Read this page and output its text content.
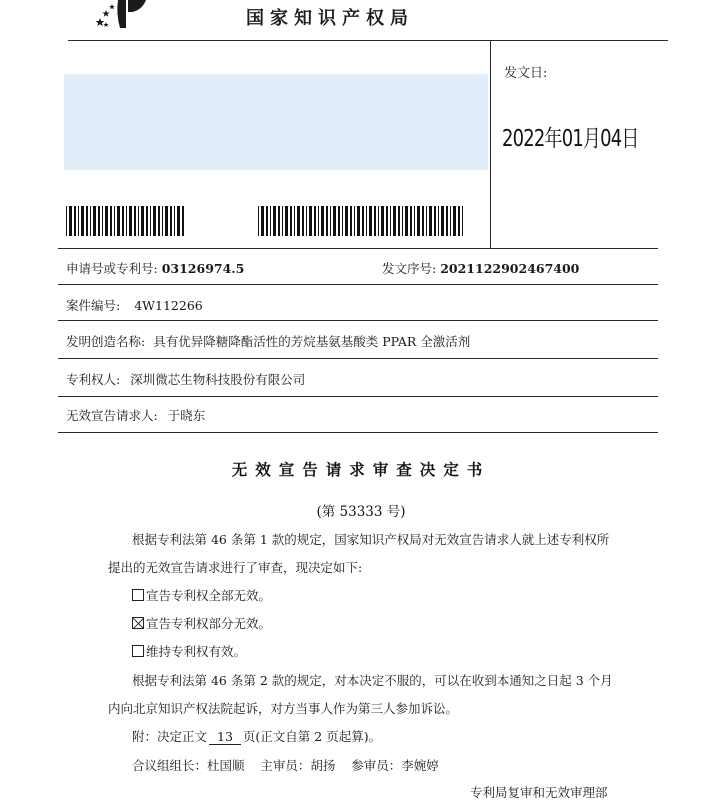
国家知识产权局
发文日:
2022年01月04日
申请号或专利号: 03126974.5	发文序号: 2021122902467400
案件编号: 4W112266
发明创造名称: 具有优异降糖降酯活性的芳烷基氨基酸类 PPAR 全激活剂
专利权人: 深圳微芯生物科技股份有限公司
无效宣告请求人: 于晓东
无效宣告请求审查决定书
(第 53333 号)
根据专利法第 46 条第 1 款的规定，国家知识产权局对无效宣告请求人就上述专利权所
提出的无效宣告请求进行了审查，现决定如下:
宣告专利权全部无效。
宣告专利权部分无效。
维持专利权有效。
根据专利法第 46 条第 2 款的规定，对本决定不服的，可以在收到本通知之日起 3 个月
内向北京知识产权法院起诉，对方当事人作为第三人参加诉讼。
附：决定正文 13 页(正文自第 2 页起算)。
合议组组长：杜国顺    主审员：胡扬    参审员：李婉婷
专利局复审和无效审理部
